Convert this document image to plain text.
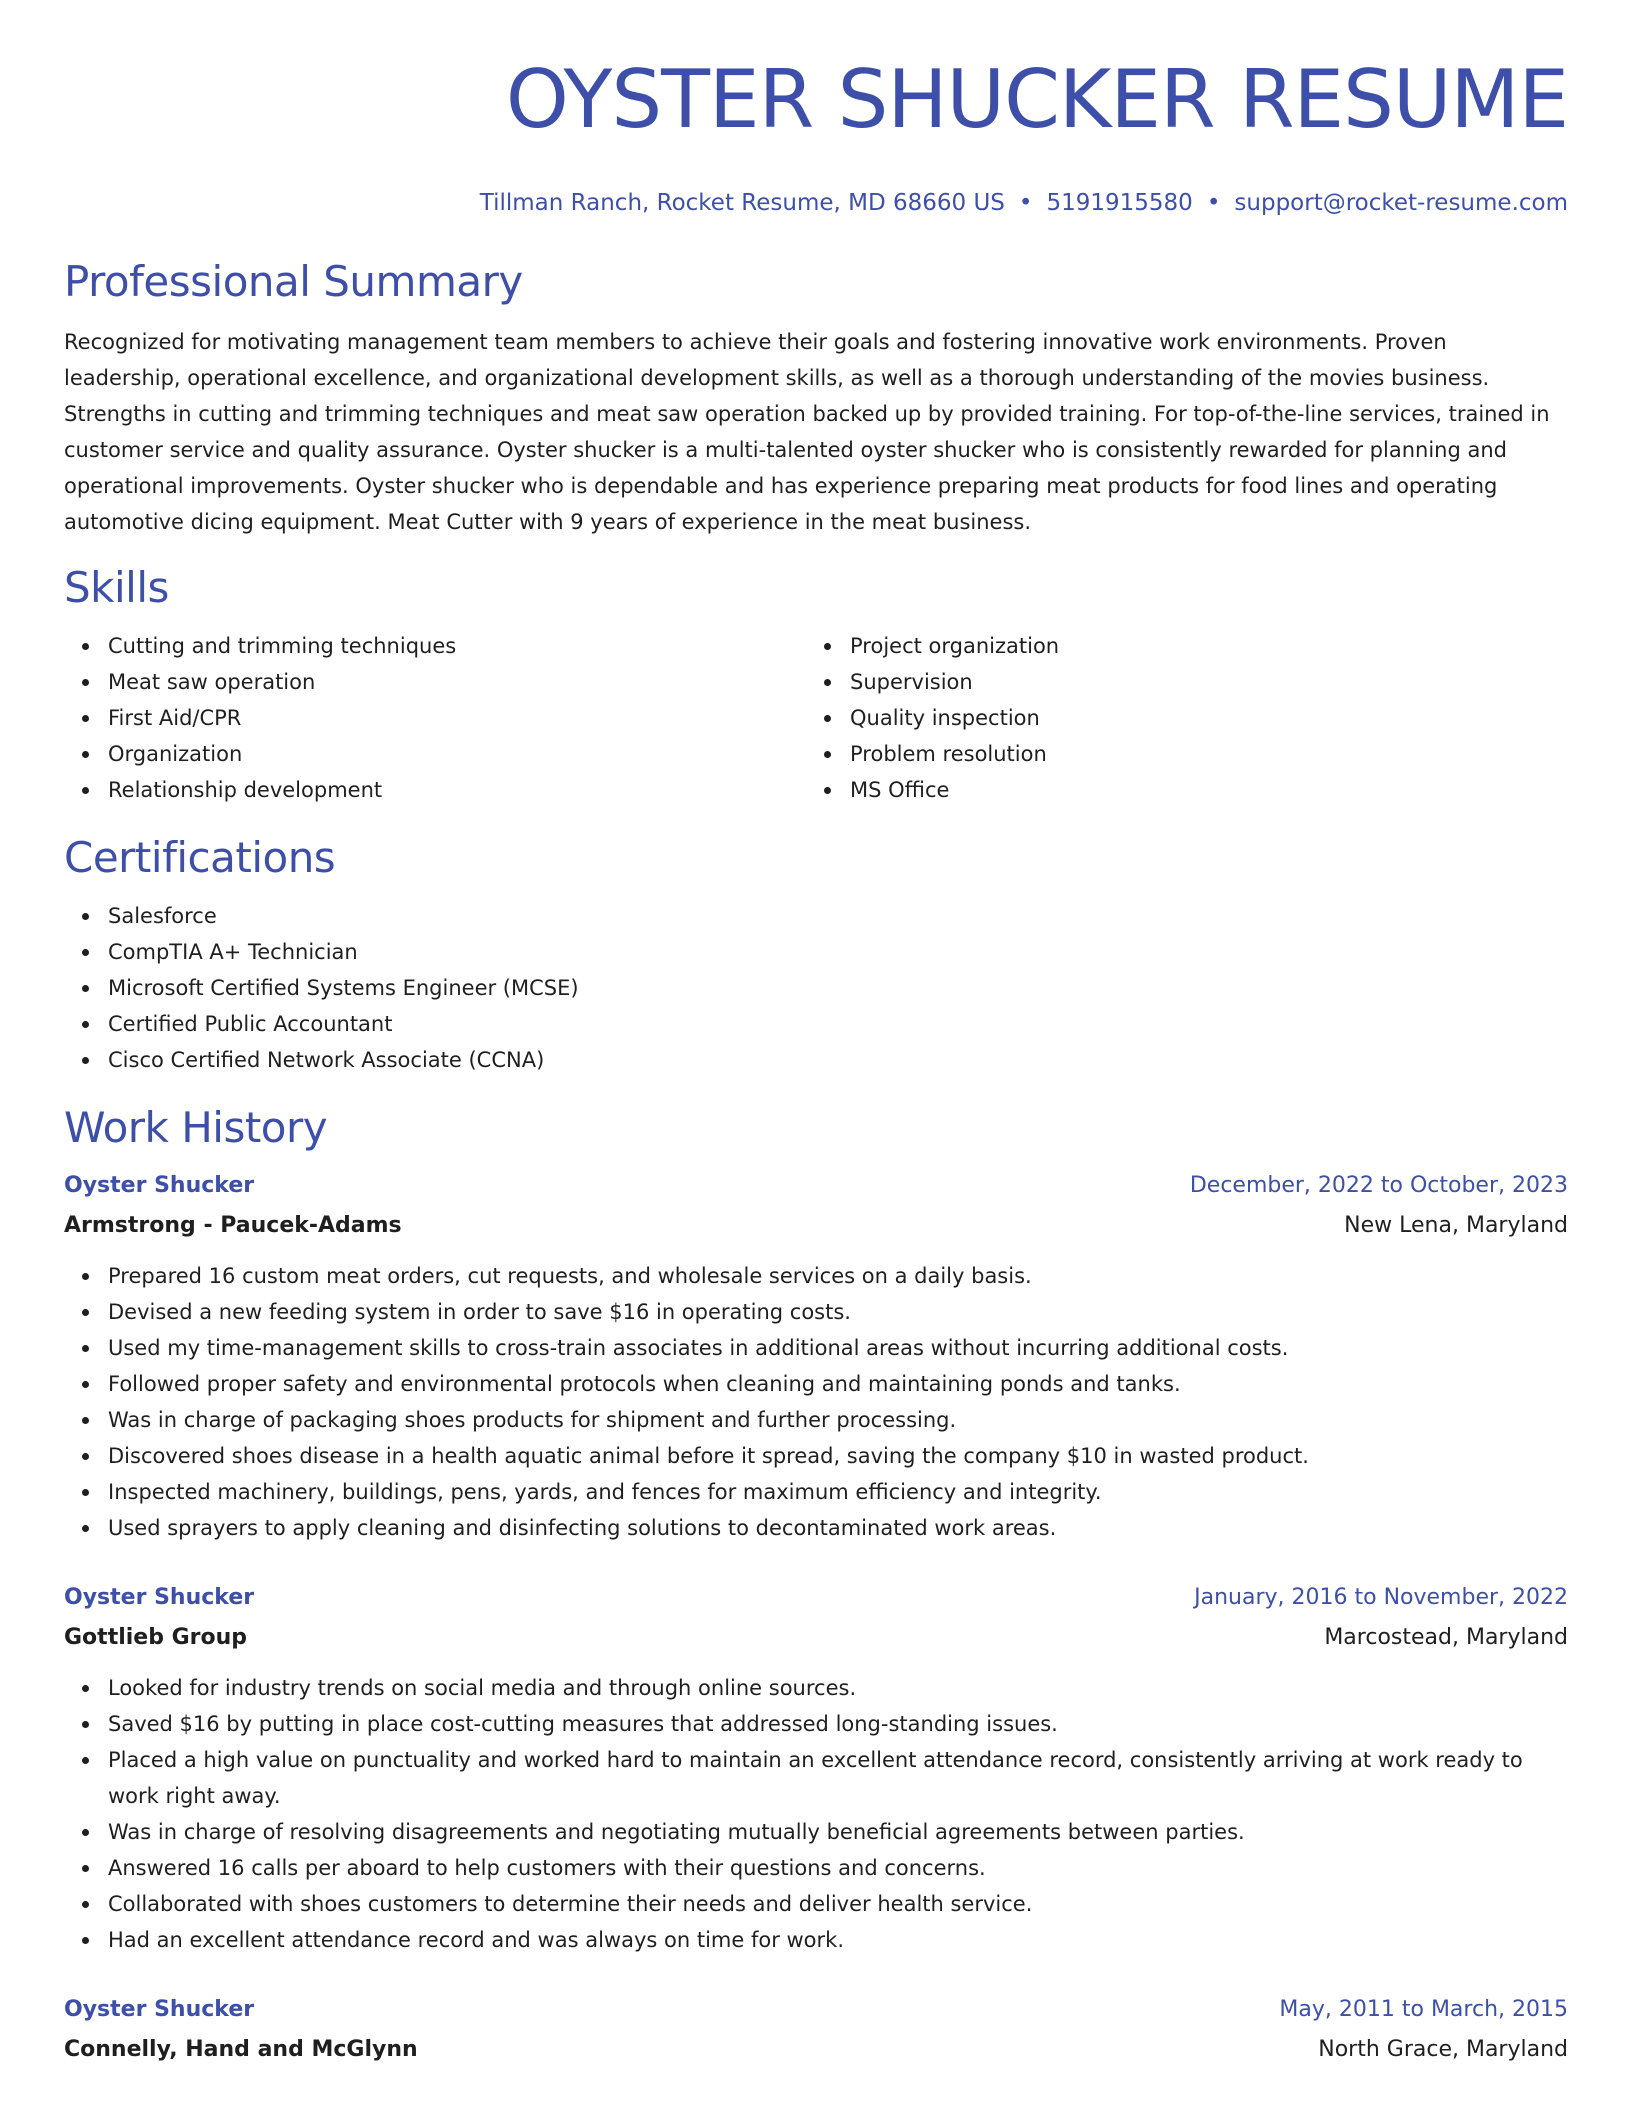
OYSTER SHUCKER RESUME
Tillman Ranch, Rocket Resume, MD 68660 US • 5191915580 • support@rocket-resume.com
Professional Summary

Recognized for motivating management team members to achieve their goals and fostering innovative work environments. Proven leadership, operational excellence, and organizational development skills, as well as a thorough understanding of the movies business. Strengths in cutting and trimming techniques and meat saw operation backed up by provided training. For top-of-the-line services, trained in customer service and quality assurance. Oyster shucker is a multi-talented oyster shucker who is consistently rewarded for planning and operational improvements. Oyster shucker who is dependable and has experience preparing meat products for food lines and operating automotive dicing equipment. Meat Cutter with 9 years of experience in the meat business.

Skills
Cutting and trimming techniques
Meat saw operation
First Aid/CPR
Organization
Relationship development
Project organization
Supervision
Quality inspection
Problem resolution
MS Office
Certifications
Salesforce
CompTIA A+ Technician
Microsoft Certified Systems Engineer (MCSE)
Certified Public Accountant
Cisco Certified Network Associate (CCNA)
Work History
Oyster Shucker	December, 2022 to October, 2023
Armstrong - Paucek-Adams	New Lena, Maryland
Prepared 16 custom meat orders, cut requests, and wholesale services on a daily basis.
Devised a new feeding system in order to save $16 in operating costs.
Used my time-management skills to cross-train associates in additional areas without incurring additional costs.
Followed proper safety and environmental protocols when cleaning and maintaining ponds and tanks.
Was in charge of packaging shoes products for shipment and further processing.
Discovered shoes disease in a health aquatic animal before it spread, saving the company $10 in wasted product.
Inspected machinery, buildings, pens, yards, and fences for maximum efficiency and integrity.
Used sprayers to apply cleaning and disinfecting solutions to decontaminated work areas.
Oyster Shucker	January, 2016 to November, 2022
Gottlieb Group	Marcostead, Maryland
Looked for industry trends on social media and through online sources.
Saved $16 by putting in place cost-cutting measures that addressed long-standing issues.
Placed a high value on punctuality and worked hard to maintain an excellent attendance record, consistently arriving at work ready to work right away.
Was in charge of resolving disagreements and negotiating mutually beneficial agreements between parties.
Answered 16 calls per aboard to help customers with their questions and concerns.
Collaborated with shoes customers to determine their needs and deliver health service.
Had an excellent attendance record and was always on time for work.
Oyster Shucker	May, 2011 to March, 2015
Connelly, Hand and McGlynn	North Grace, Maryland
